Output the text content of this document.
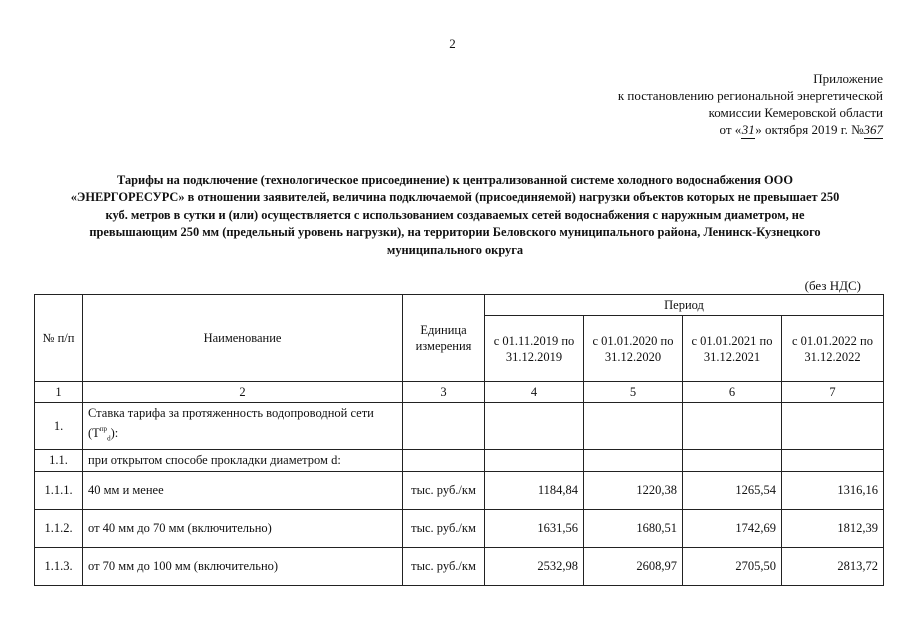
2
Приложение
к постановлению региональной энергетической
комиссии Кемеровской области
от «31» октября 2019 г. №367
Тарифы на подключение (технологическое присоединение) к централизованной системе холодного водоснабжения ООО «ЭНЕРГОРЕСУРС» в отношении заявителей, величина подключаемой (присоединяемой) нагрузки объектов которых не превышает 250 куб. метров в сутки и (или) осуществляется с использованием создаваемых сетей водоснабжения с наружным диаметром, не превышающим 250 мм (предельный уровень нагрузки), на территории Беловского муниципального района, Ленинск-Кузнецкого муниципального округа
(без НДС)
№ п/п	Наименование	Единица измерения	Период			
			с 01.11.2019 по 31.12.2019	с 01.01.2020 по 31.12.2020	с 01.01.2021 по 31.12.2021	с 01.01.2022 по 31.12.2022
1	2	3	4	5	6	7
1.	Ставка тарифа за протяженность водопроводной сети $(T^{пр}_d)$:					
1.1.	при открытом способе прокладки диаметром d:					
1.1.1.	40 мм и менее	тыс. руб./км	1184,84	1220,38	1265,54	1316,16
1.1.2.	от 40 мм до 70 мм (включительно)	тыс. руб./км	1631,56	1680,51	1742,69	1812,39
1.1.3.	от 70 мм до 100 мм (включительно)	тыс. руб./км	2532,98	2608,97	2705,50	2813,72
